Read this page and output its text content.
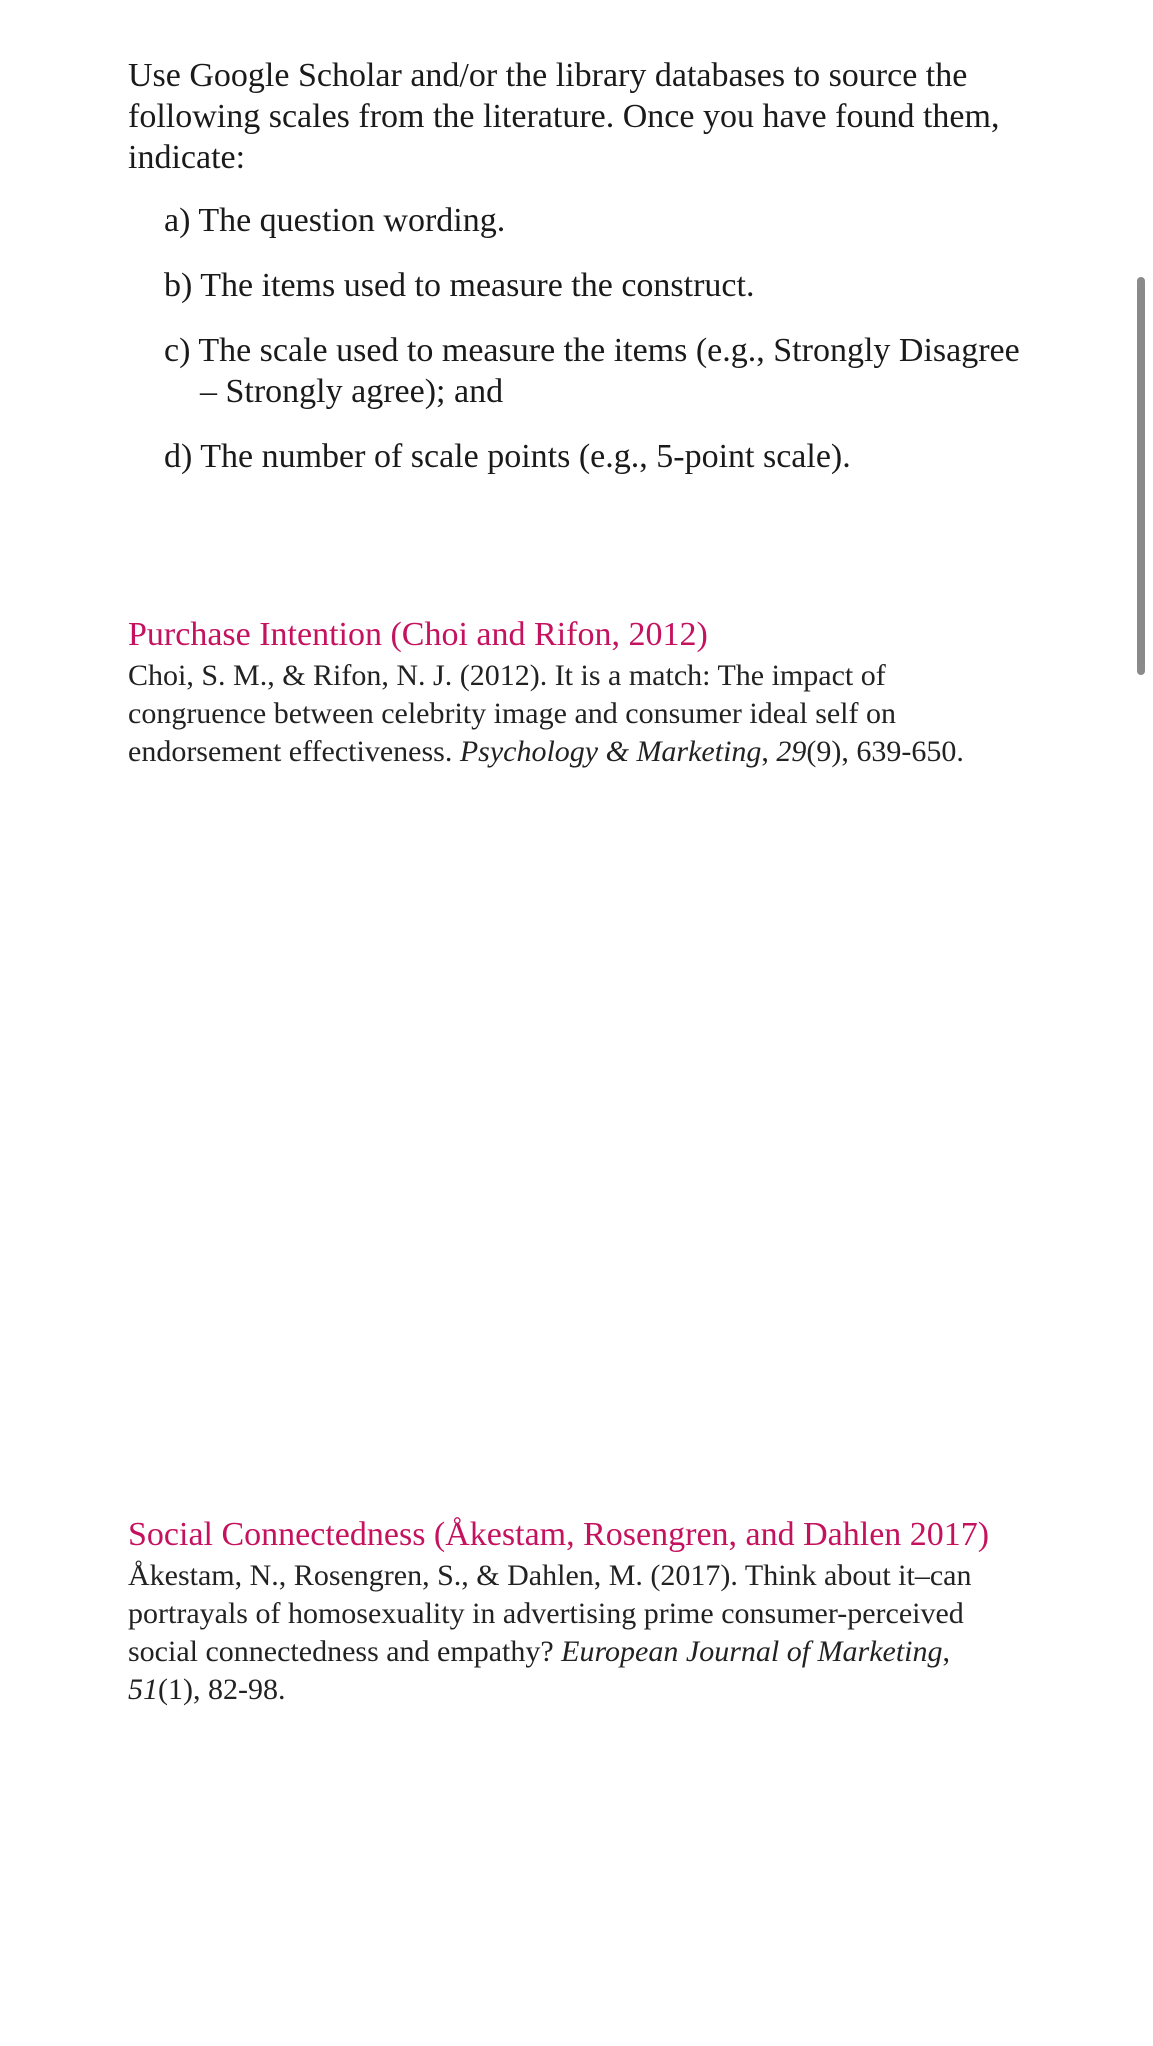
Use Google Scholar and/or the library databases to source the following scales from the literature. Once you have found them, indicate:

a) The question wording.
b) The items used to measure the construct.
c) The scale used to measure the items (e.g., Strongly Disagree – Strongly agree); and
d) The number of scale points (e.g., 5-point scale).
Purchase Intention (Choi and Rifon, 2012)

Choi, S. M., & Rifon, N. J. (2012). It is a match: The impact of congruence between celebrity image and consumer ideal self on endorsement effectiveness. Psychology & Marketing, 29(9), 639-650.

Social Connectedness (Åkestam, Rosengren, and Dahlen 2017)

Åkestam, N., Rosengren, S., & Dahlen, M. (2017). Think about it–can portrayals of homosexuality in advertising prime consumer-perceived social connectedness and empathy? European Journal of Marketing, 51(1), 82-98.
